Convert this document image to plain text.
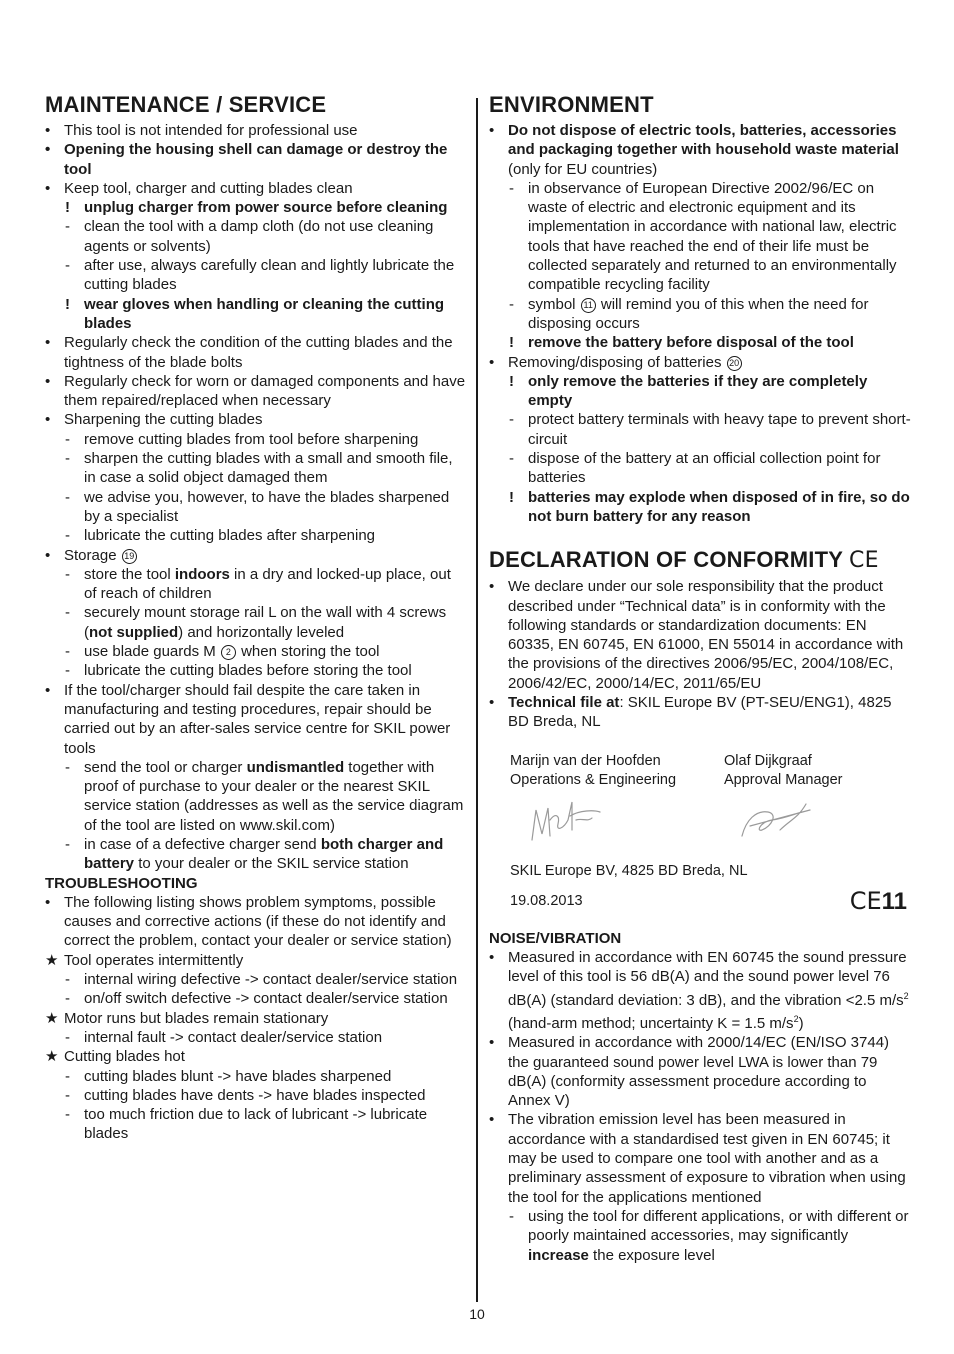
MAINTENANCE / SERVICE
• This tool is not intended for professional use
• Opening the housing shell can damage or destroy the tool
• Keep tool, charger and cutting blades clean
! unplug charger from power source before cleaning
- clean the tool with a damp cloth (do not use cleaning agents or solvents)
- after use, always carefully clean and lightly lubricate the cutting blades
! wear gloves when handling or cleaning the cutting blades
• Regularly check the condition of the cutting blades and the tightness of the blade bolts
• Regularly check for worn or damaged components and have them repaired/replaced when necessary
• Sharpening the cutting blades
- remove cutting blades from tool before sharpening
- sharpen the cutting blades with a small and smooth file, in case a solid object damaged them
- we advise you, however, to have the blades sharpened by a specialist
- lubricate the cutting blades after sharpening
• Storage 19
- store the tool indoors in a dry and locked-up place, out of reach of children
- securely mount storage rail L on the wall with 4 screws (not supplied) and horizontally leveled
- use blade guards M 2 when storing the tool
- lubricate the cutting blades before storing the tool
• If the tool/charger should fail despite the care taken in manufacturing and testing procedures, repair should be carried out by an after-sales service centre for SKIL power tools
- send the tool or charger undismantled together with proof of purchase to your dealer or the nearest SKIL service station (addresses as well as the service diagram of the tool are listed on www.skil.com)
- in case of a defective charger send both charger and battery to your dealer or the SKIL service station
TROUBLESHOOTING
• The following listing shows problem symptoms, possible causes and corrective actions (if these do not identify and correct the problem, contact your dealer or service station)
★ Tool operates intermittently
- internal wiring defective -> contact dealer/service station
- on/off switch defective -> contact dealer/service station
★ Motor runs but blades remain stationary
- internal fault -> contact dealer/service station
★ Cutting blades hot
- cutting blades blunt -> have blades sharpened
- cutting blades have dents -> have blades inspected
- too much friction due to lack of lubricant -> lubricate blades
ENVIRONMENT
• Do not dispose of electric tools, batteries, accessories and packaging together with household waste material (only for EU countries)
- in observance of European Directive 2002/96/EC on waste of electric and electronic equipment and its implementation in accordance with national law, electric tools that have reached the end of their life must be collected separately and returned to an environmentally compatible recycling facility
- symbol 11 will remind you of this when the need for disposing occurs
! remove the battery before disposal of the tool
• Removing/disposing of batteries 20
! only remove the batteries if they are completely empty
- protect battery terminals with heavy tape to prevent short-circuit
- dispose of the battery at an official collection point for batteries
! batteries may explode when disposed of in fire, so do not burn battery for any reason
DECLARATION OF CONFORMITY CE
• We declare under our sole responsibility that the product described under “Technical data” is in conformity with the following standards or standardization documents: EN 60335, EN 60745, EN 61000, EN 55014 in accordance with the provisions of the directives 2006/95/EC, 2004/108/EC, 2006/42/EC, 2000/14/EC, 2011/65/EU
• Technical file at: SKIL Europe BV (PT-SEU/ENG1), 4825 BD Breda, NL
Marijn van der Hoofden
Operations & Engineering
Olaf Dijkgraaf
Approval Manager
SKIL Europe BV, 4825 BD Breda, NL
19.08.2013	CE11
NOISE/VIBRATION
• Measured in accordance with EN 60745 the sound pressure level of this tool is 56 dB(A) and the sound power level 76 dB(A) (standard deviation: 3 dB), and the vibration <2.5 $m/s^2$ (hand-arm method; uncertainty K = 1.5 $m/s^2$)
• Measured in accordance with 2000/14/EC (EN/ISO 3744) the guaranteed sound power level LWA is lower than 79 dB(A) (conformity assessment procedure according to Annex V)
• The vibration emission level has been measured in accordance with a standardised test given in EN 60745; it may be used to compare one tool with another and as a preliminary assessment of exposure to vibration when using the tool for the applications mentioned
- using the tool for different applications, or with different or poorly maintained accessories, may significantly increase the exposure level
10
